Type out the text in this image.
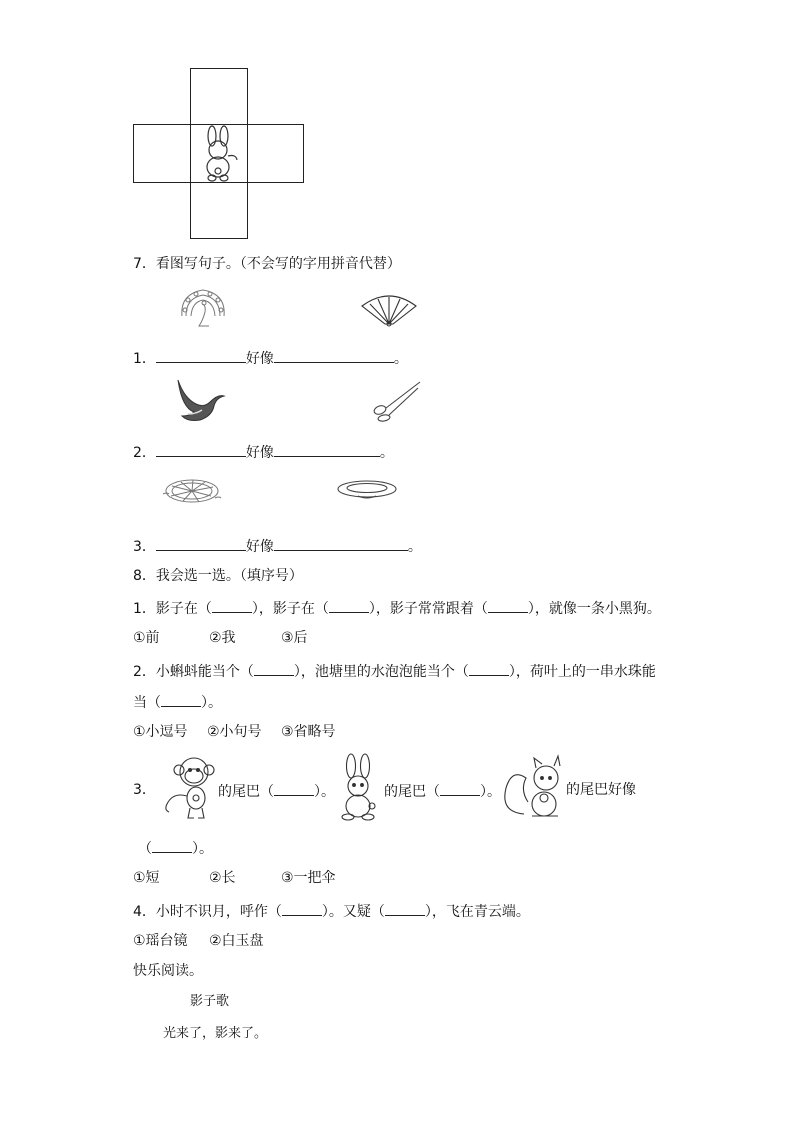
7．看图写句子。（不会写的字用拼音代替）
1．	好像	。
2．	好像	。
3．	好像	。
8．我会选一选。（填序号）
1．影子在（	），影子在（	），影子常常跟着（	），就像一条小黑狗。
①前	②我	③后
2．小蝌蚪能当个（	），池塘里的水泡泡能当个（	），荷叶上的一串水珠能
当（	）。
①小逗号 ②小句号 ③省略号
3．	的尾巴（	）。	的尾巴（	）。	的尾巴好像
（	）。
①短	②长	③一把伞
4．小时不识月，呼作（	）。又疑（	），飞在青云端。
①瑶台镜 ②白玉盘
快乐阅读。
影子歌
光来了，影来了。
